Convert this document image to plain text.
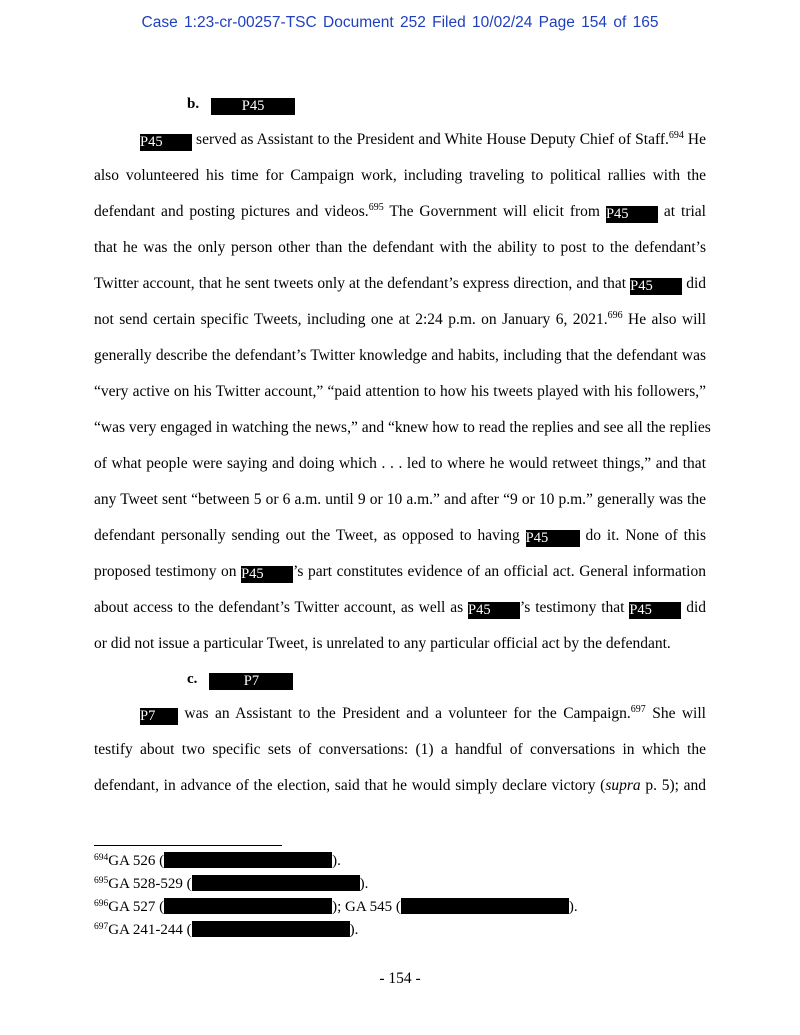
Case 1:23-cr-00257-TSC Document 252 Filed 10/02/24 Page 154 of 165
b.	P45
P45 served as Assistant to the President and White House Deputy Chief of Staff.$^{694}$ He
also volunteered his time for Campaign work, including traveling to political rallies with the
defendant and posting pictures and videos.$^{695}$ The Government will elicit from P45 at trial
that he was the only person other than the defendant with the ability to post to the defendant’s
Twitter account, that he sent tweets only at the defendant’s express direction, and that P45 did
not send certain specific Tweets, including one at 2:24 p.m. on January 6, 2021.$^{696}$ He also will
generally describe the defendant’s Twitter knowledge and habits, including that the defendant was
“very active on his Twitter account,” “paid attention to how his tweets played with his followers,”
“was very engaged in watching the news,” and “knew how to read the replies and see all the replies
of what people were saying and doing which . . . led to where he would retweet things,” and that
any Tweet sent “between 5 or 6 a.m. until 9 or 10 a.m.” and after “9 or 10 p.m.” generally was the
defendant personally sending out the Tweet, as opposed to having P45 do it. None of this
proposed testimony on P45 ’s part constitutes evidence of an official act. General information
about access to the defendant’s Twitter account, as well as P45 ’s testimony that P45 did
or did not issue a particular Tweet, is unrelated to any particular official act by the defendant.
c.	P7
P7 was an Assistant to the President and a volunteer for the Campaign.$^{697}$ She will
testify about two specific sets of conversations: (1) a handful of conversations in which the
defendant, in advance of the election, said that he would simply declare victory (supra p. 5); and
$^{694}$GA 526 (	).
$^{695}$GA 528-529 (	).
$^{696}$GA 527 (	); GA 545 (	).
$^{697}$GA 241-244 (	).
- 154 -
